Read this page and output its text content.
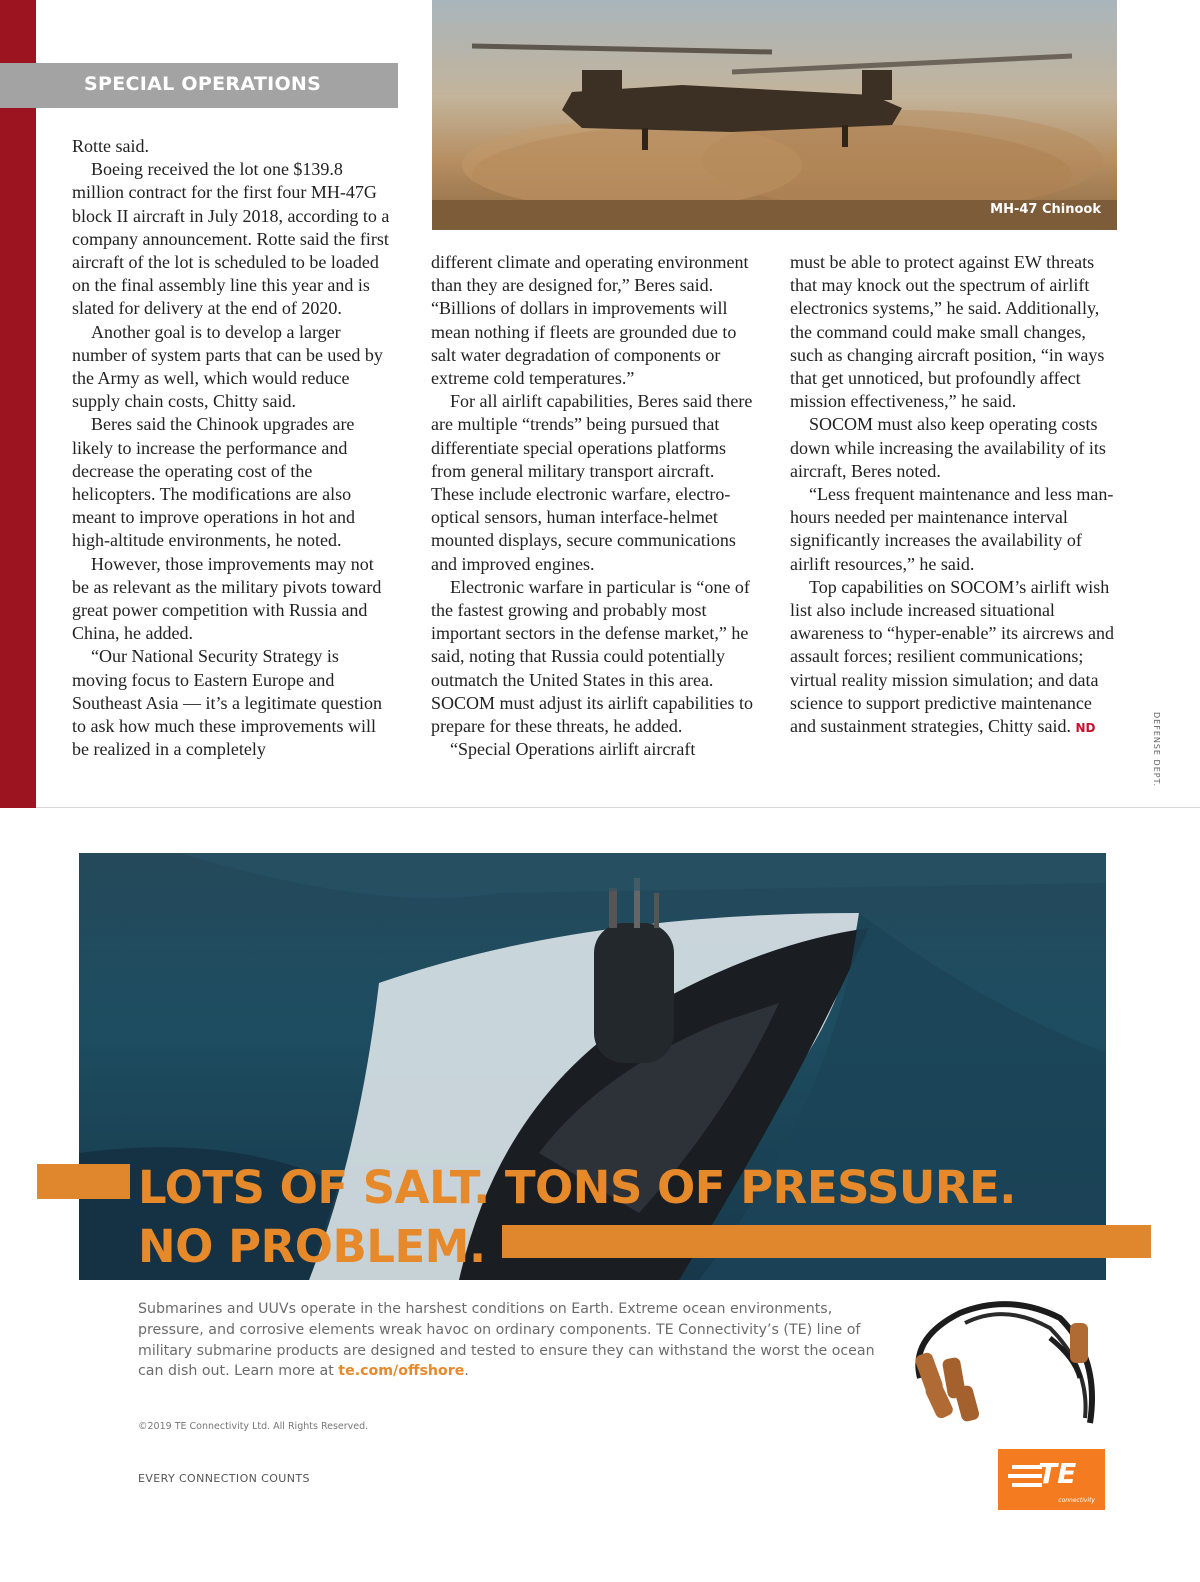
SPECIAL OPERATIONS
MH-47 Chinook

Rotte said.

Boeing received the lot one $139.8 million contract for the first four MH-47G block II aircraft in July 2018, according to a company announcement. Rotte said the first aircraft of the lot is scheduled to be loaded on the final assembly line this year and is slated for delivery at the end of 2020.

Another goal is to develop a larger number of system parts that can be used by the Army as well, which would reduce supply chain costs, Chitty said.

Beres said the Chinook upgrades are likely to increase the performance and decrease the operating cost of the helicopters. The modifications are also meant to improve operations in hot and high-altitude environments, he noted.

However, those improvements may not be as relevant as the military pivots toward great power competition with Russia and China, he added.

“Our National Security Strategy is moving focus to Eastern Europe and Southeast Asia — it’s a legitimate question to ask how much these improvements will be realized in a completely

different climate and operating environment than they are designed for,” Beres said. “Billions of dollars in improvements will mean nothing if fleets are grounded due to salt water degradation of components or extreme cold temperatures.”

For all airlift capabilities, Beres said there are multiple “trends” being pursued that differentiate special operations platforms from general military transport aircraft. These include electronic warfare, electro-optical sensors, human interface-helmet mounted displays, secure communications and improved engines.

Electronic warfare in particular is “one of the fastest growing and probably most important sectors in the defense market,” he said, noting that Russia could potentially outmatch the United States in this area. SOCOM must adjust its airlift capabilities to prepare for these threats, he added.

“Special Operations airlift aircraft

must be able to protect against EW threats that may knock out the spectrum of airlift electronics systems,” he said. Additionally, the command could make small changes, such as changing aircraft position, “in ways that get unnoticed, but profoundly affect mission effectiveness,” he said.

SOCOM must also keep operating costs down while increasing the availability of its aircraft, Beres noted.

“Less frequent maintenance and less man-hours needed per maintenance interval significantly increases the availability of airlift resources,” he said.

Top capabilities on SOCOM’s airlift wish list also include increased situational awareness to “hyper-enable” its aircrews and assault forces; resilient communications; virtual reality mission simulation; and data science to support predictive maintenance and sustainment strategies, Chitty said. ND	DEFENSE DEPT.
LOTS OF SALT. TONS OF PRESSURE.
NO PROBLEM.

Submarines and UUVs operate in the harshest conditions on Earth. Extreme ocean environments, pressure, and corrosive elements wreak havoc on ordinary components. TE Connectivity’s (TE) line of military submarine products are designed and tested to ensure they can withstand the worst the ocean can dish out. Learn more at te.com/offshore.

©2019 TE Connectivity Ltd. All Rights Reserved.
EVERY CONNECTION COUNTS	TE
connectivity
